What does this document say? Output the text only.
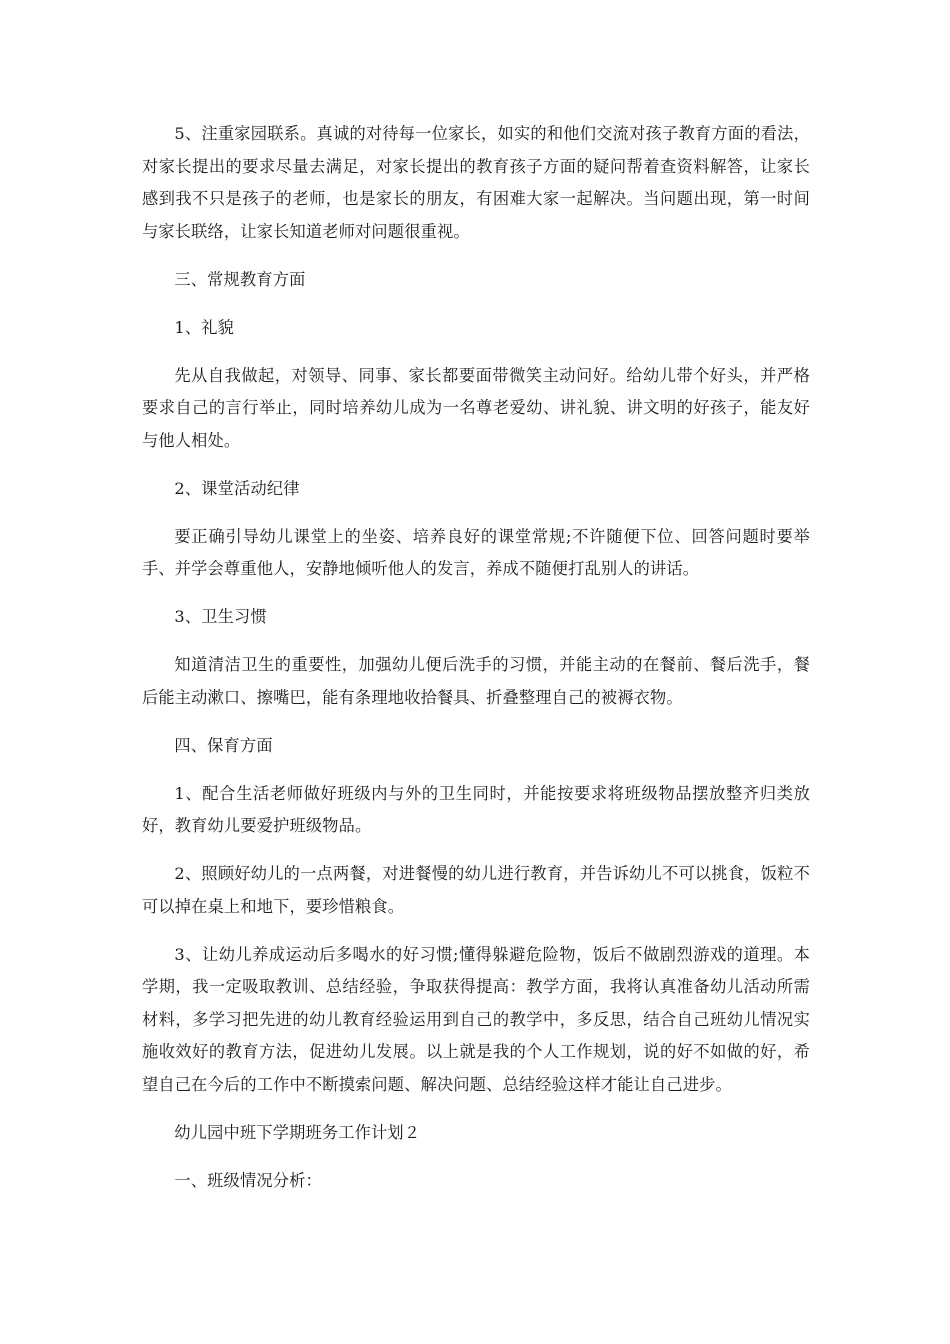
5、注重家园联系。真诚的对待每一位家长，如实的和他们交流对孩子教育方面的看法，对家长提出的要求尽量去满足，对家长提出的教育孩子方面的疑问帮着查资料解答，让家长感到我不只是孩子的老师，也是家长的朋友，有困难大家一起解决。当问题出现，第一时间与家长联络，让家长知道老师对问题很重视。

三、常规教育方面

1、礼貌

先从自我做起，对领导、同事、家长都要面带微笑主动问好。给幼儿带个好头，并严格要求自己的言行举止，同时培养幼儿成为一名尊老爱幼、讲礼貌、讲文明的好孩子，能友好与他人相处。

2、课堂活动纪律

要正确引导幼儿课堂上的坐姿、培养良好的课堂常规;不许随便下位、回答问题时要举手、并学会尊重他人，安静地倾听他人的发言，养成不随便打乱别人的讲话。

3、卫生习惯

知道清洁卫生的重要性，加强幼儿便后洗手的习惯，并能主动的在餐前、餐后洗手，餐后能主动漱口、擦嘴巴，能有条理地收拾餐具、折叠整理自己的被褥衣物。

四、保育方面

1、配合生活老师做好班级内与外的卫生同时，并能按要求将班级物品摆放整齐归类放好，教育幼儿要爱护班级物品。

2、照顾好幼儿的一点两餐，对进餐慢的幼儿进行教育，并告诉幼儿不可以挑食，饭粒不可以掉在桌上和地下，要珍惜粮食。

3、让幼儿养成运动后多喝水的好习惯;懂得躲避危险物，饭后不做剧烈游戏的道理。本学期，我一定吸取教训、总结经验，争取获得提高：教学方面，我将认真准备幼儿活动所需材料，多学习把先进的幼儿教育经验运用到自己的教学中，多反思，结合自己班幼儿情况实施收效好的教育方法，促进幼儿发展。以上就是我的个人工作规划，说的好不如做的好，希望自己在今后的工作中不断摸索问题、解决问题、总结经验这样才能让自己进步。

幼儿园中班下学期班务工作计划２

一、班级情况分析：
